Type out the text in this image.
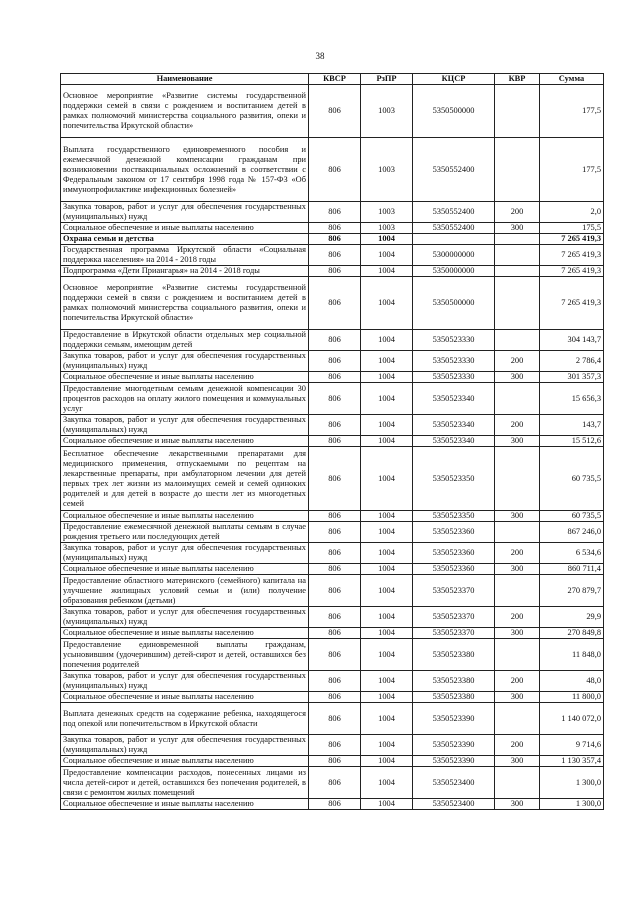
38
Наименование	КВСР	РзПР	КЦСР	КВР	Сумма
Основное мероприятие «Развитие системы государственной поддержки семей в связи с рождением и воспитанием детей в рамках полномочий министерства социального развития, опеки и попечительства Иркутской области»	806	1003	5350500000		177,5
Выплата государственного единовременного пособия и ежемесячной денежной компенсации гражданам при возникновении поствакцинальных осложнений в соответствии с Федеральным законом от 17 сентября 1998 года № 157-ФЗ «Об иммунопрофилактике инфекционных болезней»	806	1003	5350552400		177,5
Закупка товаров, работ и услуг для обеспечения государственных (муниципальных) нужд	806	1003	5350552400	200	2,0
Социальное обеспечение и иные выплаты населению	806	1003	5350552400	300	175,5
Охрана семьи и детства	806	1004			7 265 419,3
Государственная программа Иркутской области «Социальная поддержка населения» на 2014 - 2018 годы	806	1004	5300000000		7 265 419,3
Подпрограмма «Дети Приангарья» на 2014 - 2018 годы	806	1004	5350000000		7 265 419,3
Основное мероприятие «Развитие системы государственной поддержки семей в связи с рождением и воспитанием детей в рамках полномочий министерства социального развития, опеки и попечительства Иркутской области»	806	1004	5350500000		7 265 419,3
Предоставление в Иркутской области отдельных мер социальной поддержки семьям, имеющим детей	806	1004	5350523330		304 143,7
Закупка товаров, работ и услуг для обеспечения государственных (муниципальных) нужд	806	1004	5350523330	200	2 786,4
Социальное обеспечение и иные выплаты населению	806	1004	5350523330	300	301 357,3
Предоставление многодетным семьям денежной компенсации 30 процентов расходов на оплату жилого помещения и коммунальных услуг	806	1004	5350523340		15 656,3
Закупка товаров, работ и услуг для обеспечения государственных (муниципальных) нужд	806	1004	5350523340	200	143,7
Социальное обеспечение и иные выплаты населению	806	1004	5350523340	300	15 512,6
Бесплатное обеспечение лекарственными препаратами для медицинского применения, отпускаемыми по рецептам на лекарственные препараты, при амбулаторном лечении для детей первых трех лет жизни из малоимущих семей и семей одиноких родителей и для детей в возрасте до шести лет из многодетных семей	806	1004	5350523350		60 735,5
Социальное обеспечение и иные выплаты населению	806	1004	5350523350	300	60 735,5
Предоставление ежемесячной денежной выплаты семьям в случае рождения третьего или последующих детей	806	1004	5350523360		867 246,0
Закупка товаров, работ и услуг для обеспечения государственных (муниципальных) нужд	806	1004	5350523360	200	6 534,6
Социальное обеспечение и иные выплаты населению	806	1004	5350523360	300	860 711,4
Предоставление областного материнского (семейного) капитала на улучшение жилищных условий семьи и (или) получение образования ребенком (детьми)	806	1004	5350523370		270 879,7
Закупка товаров, работ и услуг для обеспечения государственных (муниципальных) нужд	806	1004	5350523370	200	29,9
Социальное обеспечение и иные выплаты населению	806	1004	5350523370	300	270 849,8
Предоставление единовременной выплаты гражданам, усыновившим (удочерившим) детей-сирот и детей, оставшихся без попечения родителей	806	1004	5350523380		11 848,0
Закупка товаров, работ и услуг для обеспечения государственных (муниципальных) нужд	806	1004	5350523380	200	48,0
Социальное обеспечение и иные выплаты населению	806	1004	5350523380	300	11 800,0
Выплата денежных средств на содержание ребенка, находящегося под опекой или попечительством в Иркутской области	806	1004	5350523390		1 140 072,0
Закупка товаров, работ и услуг для обеспечения государственных (муниципальных) нужд	806	1004	5350523390	200	9 714,6
Социальное обеспечение и иные выплаты населению	806	1004	5350523390	300	1 130 357,4
Предоставление компенсации расходов, понесенных лицами из числа детей-сирот и детей, оставшихся без попечения родителей, в связи с ремонтом жилых помещений	806	1004	5350523400		1 300,0
Социальное обеспечение и иные выплаты населению	806	1004	5350523400	300	1 300,0
